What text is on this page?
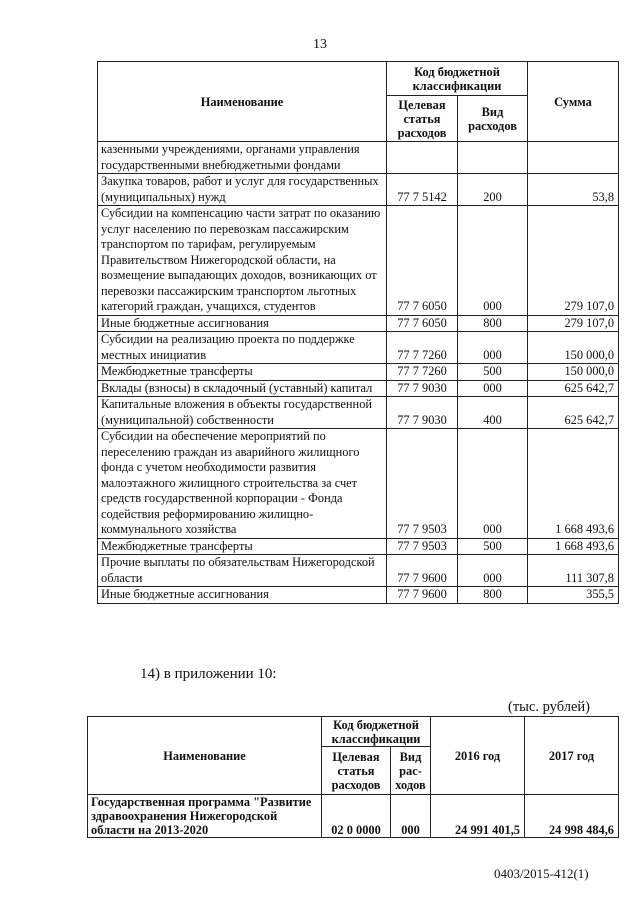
13
Наименование	Код бюджетной классификации		Сумма
	Целевая статья расходов	Вид расходов	
казенными учреждениями, органами управления государственными внебюджетными фондами			
Закупка товаров, работ и услуг для государственных (муниципальных) нужд	77 7 5142	200	53,8
Субсидии на компенсацию части затрат по оказанию услуг населению по перевозкам пассажирским транспортом по тарифам, регулируемым Правительством Нижегородской области, на возмещение выпадающих доходов, возникающих от перевозки пассажирским транспортом льготных категорий граждан, учащихся, студентов	77 7 6050	000	279 107,0
Иные бюджетные ассигнования	77 7 6050	800	279 107,0
Субсидии на реализацию проекта по поддержке местных инициатив	77 7 7260	000	150 000,0
Межбюджетные трансферты	77 7 7260	500	150 000,0
Вклады (взносы) в складочный (уставный) капитал	77 7 9030	000	625 642,7
Капитальные вложения в объекты государственной (муниципальной) собственности	77 7 9030	400	625 642,7
Субсидии на обеспечение мероприятий по переселению граждан из аварийного жилищного фонда с учетом необходимости развития малоэтажного жилищного строительства за счет средств государственной корпорации - Фонда содействия реформированию жилищно-коммунального хозяйства	77 7 9503	000	1 668 493,6
Межбюджетные трансферты	77 7 9503	500	1 668 493,6
Прочие выплаты по обязательствам Нижегородской области	77 7 9600	000	111 307,8
Иные бюджетные ассигнования	77 7 9600	800	355,5
14) в приложении 10:
(тыс. рублей)
Наименование	Код бюджетной классификации		2016 год	2017 год
	Целевая статья расходов	Вид рас-ходов		
Государственная программа "Развитие здравоохранения Нижегородской области на 2013-2020	02 0 0000	000	24 991 401,5	24 998 484,6
0403/2015-412(1)
